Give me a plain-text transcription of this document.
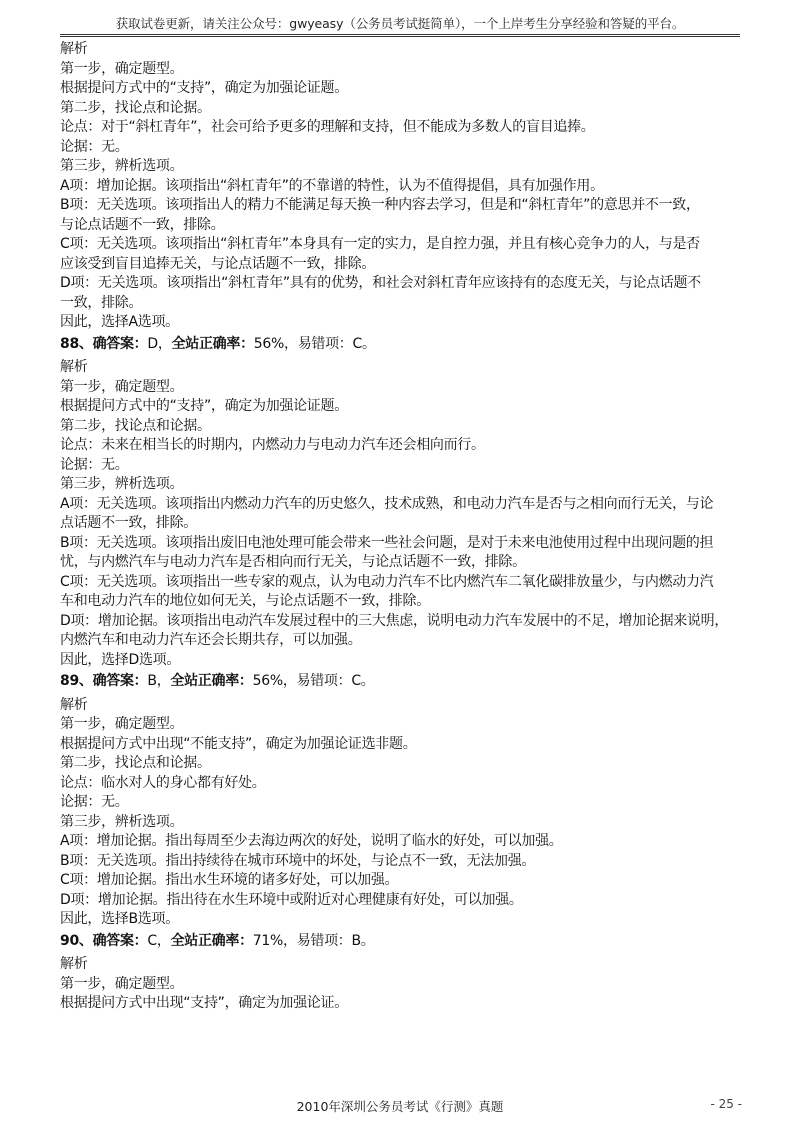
获取试卷更新，请关注公众号：gwyeasy（公务员考试挺简单），一个上岸考生分享经验和答疑的平台。

解析

第一步，确定题型。

根据提问方式中的“支持”，确定为加强论证题。

第二步，找论点和论据。

论点：对于“斜杠青年”，社会可给予更多的理解和支持，但不能成为多数人的盲目追捧。

论据：无。

第三步，辨析选项。

A项：增加论据。该项指出“斜杠青年”的不靠谱的特性，认为不值得提倡，具有加强作用。

B项：无关选项。该项指出人的精力不能满足每天换一种内容去学习，但是和“斜杠青年”的意思并不一致，

与论点话题不一致，排除。

C项：无关选项。该项指出“斜杠青年”本身具有一定的实力，是自控力强，并且有核心竞争力的人，与是否

应该受到盲目追捧无关，与论点话题不一致，排除。

D项：无关选项。该项指出“斜杠青年”具有的优势，和社会对斜杠青年应该持有的态度无关，与论点话题不

一致，排除。

因此，选择A选项。

88、确答案：D，全站正确率：56%，易错项：C。

解析

第一步，确定题型。

根据提问方式中的“支持”，确定为加强论证题。

第二步，找论点和论据。

论点：未来在相当长的时期内，内燃动力与电动力汽车还会相向而行。

论据：无。

第三步，辨析选项。

A项：无关选项。该项指出内燃动力汽车的历史悠久，技术成熟，和电动力汽车是否与之相向而行无关，与论

点话题不一致，排除。

B项：无关选项。该项指出废旧电池处理可能会带来一些社会问题，是对于未来电池使用过程中出现问题的担

忧，与内燃汽车与电动力汽车是否相向而行无关，与论点话题不一致，排除。

C项：无关选项。该项指出一些专家的观点，认为电动力汽车不比内燃汽车二氧化碳排放量少，与内燃动力汽

车和电动力汽车的地位如何无关，与论点话题不一致，排除。

D项：增加论据。该项指出电动汽车发展过程中的三大焦虑，说明电动力汽车发展中的不足，增加论据来说明，

内燃汽车和电动力汽车还会长期共存，可以加强。

因此，选择D选项。

89、确答案：B，全站正确率：56%，易错项：C。

解析

第一步，确定题型。

根据提问方式中出现“不能支持”，确定为加强论证选非题。

第二步，找论点和论据。

论点：临水对人的身心都有好处。

论据：无。

第三步，辨析选项。

A项：增加论据。指出每周至少去海边两次的好处，说明了临水的好处，可以加强。

B项：无关选项。指出持续待在城市环境中的坏处，与论点不一致，无法加强。

C项：增加论据。指出水生环境的诸多好处，可以加强。

D项：增加论据。指出待在水生环境中或附近对心理健康有好处，可以加强。

因此，选择B选项。

90、确答案：C，全站正确率：71%，易错项：B。

解析

第一步，确定题型。

根据提问方式中出现“支持”，确定为加强论证。

2010年深圳公务员考试《行测》真题	- 25 -
